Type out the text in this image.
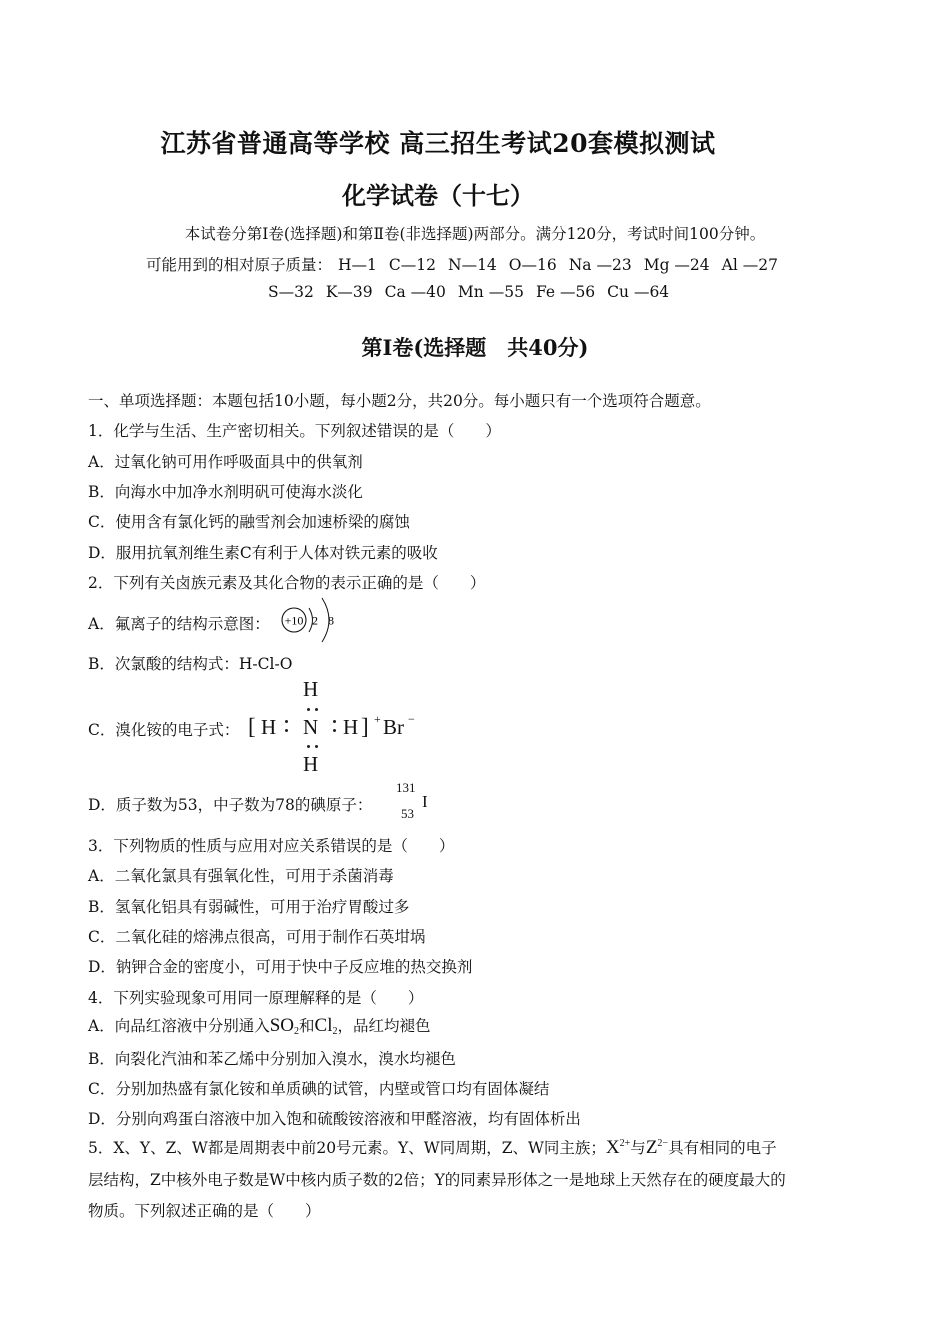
江苏省普通高等学校 高三招生考试20套模拟测试
化学试卷（十七）
本试卷分第Ⅰ卷(选择题)和第Ⅱ卷(非选择题)两部分。满分120分，考试时间100分钟。
可能用到的相对原子质量： H—1 C—12 N—14 O—16 Na —23 Mg —24 Al —27
S—32 K—39 Ca —40 Mn —55 Fe —56 Cu —64
第Ⅰ卷(选择题　共40分)
一、单项选择题：本题包括10小题，每小题2分，共20分。每小题只有一个选项符合题意。
1．化学与生活、生产密切相关。下列叙述错误的是（　　）
A．过氧化钠可用作呼吸面具中的供氧剂
B．向海水中加净水剂明矾可使海水淡化
C．使用含有氯化钙的融雪剂会加速桥梁的腐蚀
D．服用抗氧剂维生素C有利于人体对铁元素的吸收
2．下列有关卤族元素及其化合物的表示正确的是（　　）
A．氟离子的结构示意图： +10 2 8
B．次氯酸的结构式：H-Cl-O
C．溴化铵的电子式：
H
[ H N H ] + Br −
H
D．质子数为53，中子数为78的碘原子：
131
53
I
3．下列物质的性质与应用对应关系错误的是（　　）
A．二氧化氯具有强氧化性，可用于杀菌消毒
B．氢氧化铝具有弱碱性，可用于治疗胃酸过多
C．二氧化硅的熔沸点很高，可用于制作石英坩埚
D．钠钾合金的密度小，可用于快中子反应堆的热交换剂
4．下列实验现象可用同一原理解释的是（　　）
A．向品红溶液中分别通入$SO_2$和$Cl_2$，品红均褪色
B．向裂化汽油和苯乙烯中分别加入溴水，溴水均褪色
C．分别加热盛有氯化铵和单质碘的试管，内壁或管口均有固体凝结
D．分别向鸡蛋白溶液中加入饱和硫酸铵溶液和甲醛溶液，均有固体析出
5．X、Y、Z、W都是周期表中前20号元素。Y、W同周期，Z、W同主族；$X^{2+}$与$Z^{2-}$具有相同的电子
层结构，Z中核外电子数是W中核内质子数的2倍；Y的同素异形体之一是地球上天然存在的硬度最大的
物质。下列叙述正确的是（　　）
